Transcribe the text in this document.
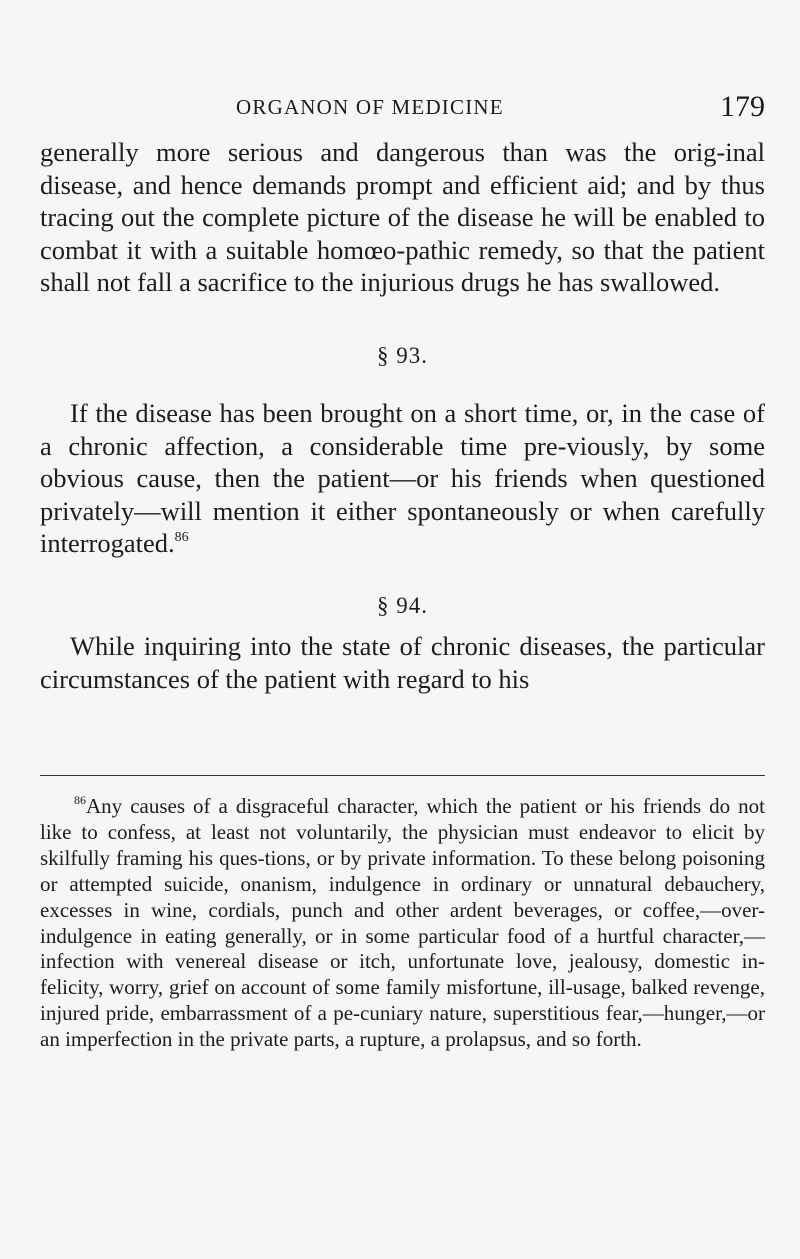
ORGANON OF MEDICINE	179

generally more serious and dangerous than was the orig-inal disease, and hence demands prompt and efficient aid; and by thus tracing out the complete picture of the disease he will be enabled to combat it with a suitable homœo-pathic remedy, so that the patient shall not fall a sacrifice to the injurious drugs he has swallowed.

§ 93.

If the disease has been brought on a short time, or, in the case of a chronic affection, a considerable time pre-viously, by some obvious cause, then the patient—or his friends when questioned privately—will mention it either spontaneously or when carefully interrogated.$^{86}$

§ 94.

While inquiring into the state of chronic diseases, the particular circumstances of the patient with regard to his

$^{86}$Any causes of a disgraceful character, which the patient or his friends do not like to confess, at least not voluntarily, the physician must endeavor to elicit by skilfully framing his ques-tions, or by private information. To these belong poisoning or attempted suicide, onanism, indulgence in ordinary or unnatural debauchery, excesses in wine, cordials, punch and other ardent beverages, or coffee,—over-indulgence in eating generally, or in some particular food of a hurtful character,—infection with venereal disease or itch, unfortunate love, jealousy, domestic in-felicity, worry, grief on account of some family misfortune, ill-usage, balked revenge, injured pride, embarrassment of a pe-cuniary nature, superstitious fear,—hunger,—or an imperfection in the private parts, a rupture, a prolapsus, and so forth.
